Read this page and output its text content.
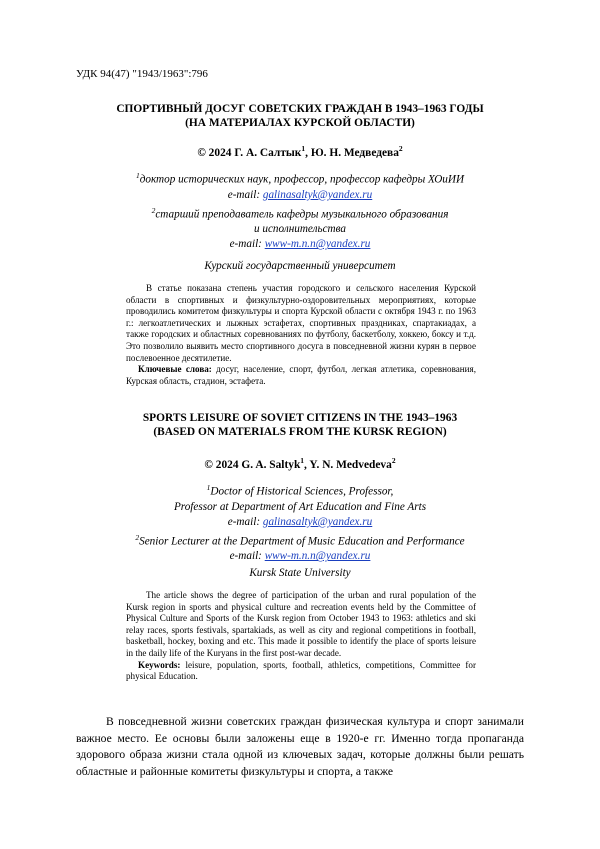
УДК 94(47) "1943/1963":796
СПОРТИВНЫЙ ДОСУГ СОВЕТСКИХ ГРАЖДАН В 1943–1963 ГОДЫ
(НА МАТЕРИАЛАХ КУРСКОЙ ОБЛАСТИ)
© 2024 Г. А. Салтык$^1$, Ю. Н. Медведева$^2$
$^1$доктор исторических наук, профессор, профессор кафедры ХОиИИ
e-mail: galinasaltyk@yandex.ru
$^2$старший преподаватель кафедры музыкального образования
и исполнительства
e-mail: www-m.n.n@yandex.ru
Курский государственный университет

В статье показана степень участия городского и сельского населения Курской области в спортивных и физкультурно-оздоровительных мероприятиях, которые проводились комитетом физкультуры и спорта Курской области с октября 1943 г. по 1963 г.: легкоатлетических и лыжных эстафетах, спортивных праздниках, спартакиадах, а также городских и областных соревнованиях по футболу, баскетболу, хоккею, боксу и т.д. Это позволило выявить место спортивного досуга в повседневной жизни курян в первое послевоенное десятилетие.

Ключевые слова: досуг, население, спорт, футбол, легкая атлетика, соревнования, Курская область, стадион, эстафета.

SPORTS LEISURE OF SOVIET CITIZENS IN THE 1943–1963
(BASED ON MATERIALS FROM THE KURSK REGION)
© 2024 G. A. Saltyk$^1$, Y. N. Medvedeva$^2$
$^1$Doctor of Historical Sciences, Professor,
Professor at Department of Art Education and Fine Arts
e-mail: galinasaltyk@yandex.ru
$^2$Senior Lecturer at the Department of Music Education and Performance
e-mail: www-m.n.n@yandex.ru
Kursk State University

The article shows the degree of participation of the urban and rural population of the Kursk region in sports and physical culture and recreation events held by the Committee of Physical Culture and Sports of the Kursk region from October 1943 to 1963: athletics and ski relay races, sports festivals, spartakiads, as well as city and regional competitions in football, basketball, hockey, boxing and etc. This made it possible to identify the place of sports leisure in the daily life of the Kuryans in the first post-war decade.

Keywords: leisure, population, sports, football, athletics, competitions, Committee for physical Education.

В повседневной жизни советских граждан физическая культура и спорт занимали важное место. Ее основы были заложены еще в 1920-е гг. Именно тогда пропаганда здорового образа жизни стала одной из ключевых задач, которые должны были решать областные и районные комитеты физкультуры и спорта, а также
